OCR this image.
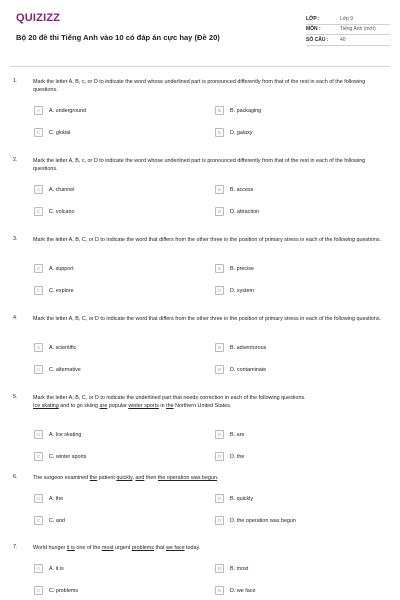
QUIZIZZ
Bộ 20 đề thi Tiếng Anh vào 10 có đáp án cực hay (Đề 20)
LỚP :	Lớp 9
MÔN :	Tiếng Anh (mới)
SỐ CÂU :	40
1.	Mark the letter A, B, c, or D to indicate the word whose underlined part is pronounced differently from that of the rest in each of the following questions.
A	A. underground	B	B. packaging
C	C. global	D	D. galaxy
2.	Mark the letter A, B, c, or D to indicate the word whose underlined part is pronounced differently from that of the rest in each of the following questions.
A	A. channel	B	B. access
C	C. volcano	D	D. attraction
3.	Mark the letter A, B, C, or D to indicate the word that differs from the other three in the position of primary stress in each of the following questions.
A	A. support	B	B. precise
C	C. explore	D	D. system
4.	Mark the letter A, B, C, or D to indicate the word that differs from the other three in the position of primary stress in each of the following questions.
A	A. scientific	B	B. adventurous
C	C. alternative	D	D. contaminate
5.	Mark the letter A, B, C, or D to indicate the underlined part that needs correction in each of the following questions.
Ice skating and to go skiing are popular winter sports in the Northern United States.
A	A. Ice skating	B	B. are
C	C. winter sports	D	D. the
6.	The surgeon examined the patient quickly, and then the operation was begun.
A	A. the	B	B. quickly
C	C. and	D	D. the operation was begun
7.	World hunger it is one of the most urgent problems that we face today.
A	A. it is	B	B. most
C	C. problems	D	D. we face
